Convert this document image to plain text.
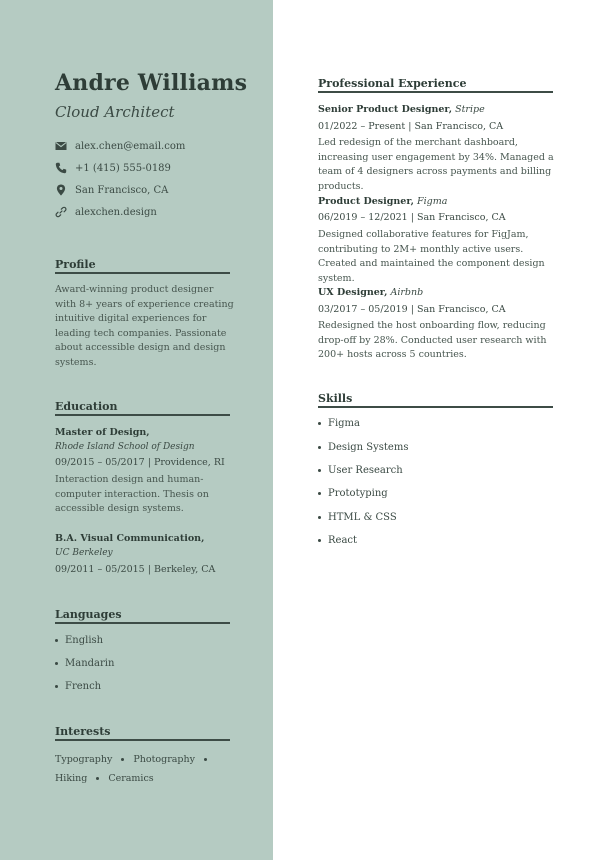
Andre Williams
Cloud Architect
alex.chen@email.com
+1 (415) 555-0189
San Francisco, CA
alexchen.design
Profile

Award-winning product designer with 8+ years of experience creating intuitive digital experiences for leading tech companies. Passionate about accessible design and design systems.

Education
Master of Design,
Rhode Island School of Design
09/2015 – 05/2017 | Providence, RI

Interaction design and human-computer interaction. Thesis on accessible design systems.

B.A. Visual Communication,
UC Berkeley
09/2011 – 05/2015 | Berkeley, CA
Languages
English
Mandarin
French
Interests
Typography Photography
Hiking Ceramics
Professional Experience
Senior Product Designer, Stripe
01/2022 – Present | San Francisco, CA

Led redesign of the merchant dashboard, increasing user engagement by 34%. Managed a team of 4 designers across payments and billing products.

Product Designer, Figma
06/2019 – 12/2021 | San Francisco, CA

Designed collaborative features for FigJam, contributing to 2M+ monthly active users. Created and maintained the component design system.

UX Designer, Airbnb
03/2017 – 05/2019 | San Francisco, CA

Redesigned the host onboarding flow, reducing drop-off by 28%. Conducted user research with 200+ hosts across 5 countries.

Skills
Figma
Design Systems
User Research
Prototyping
HTML & CSS
React
